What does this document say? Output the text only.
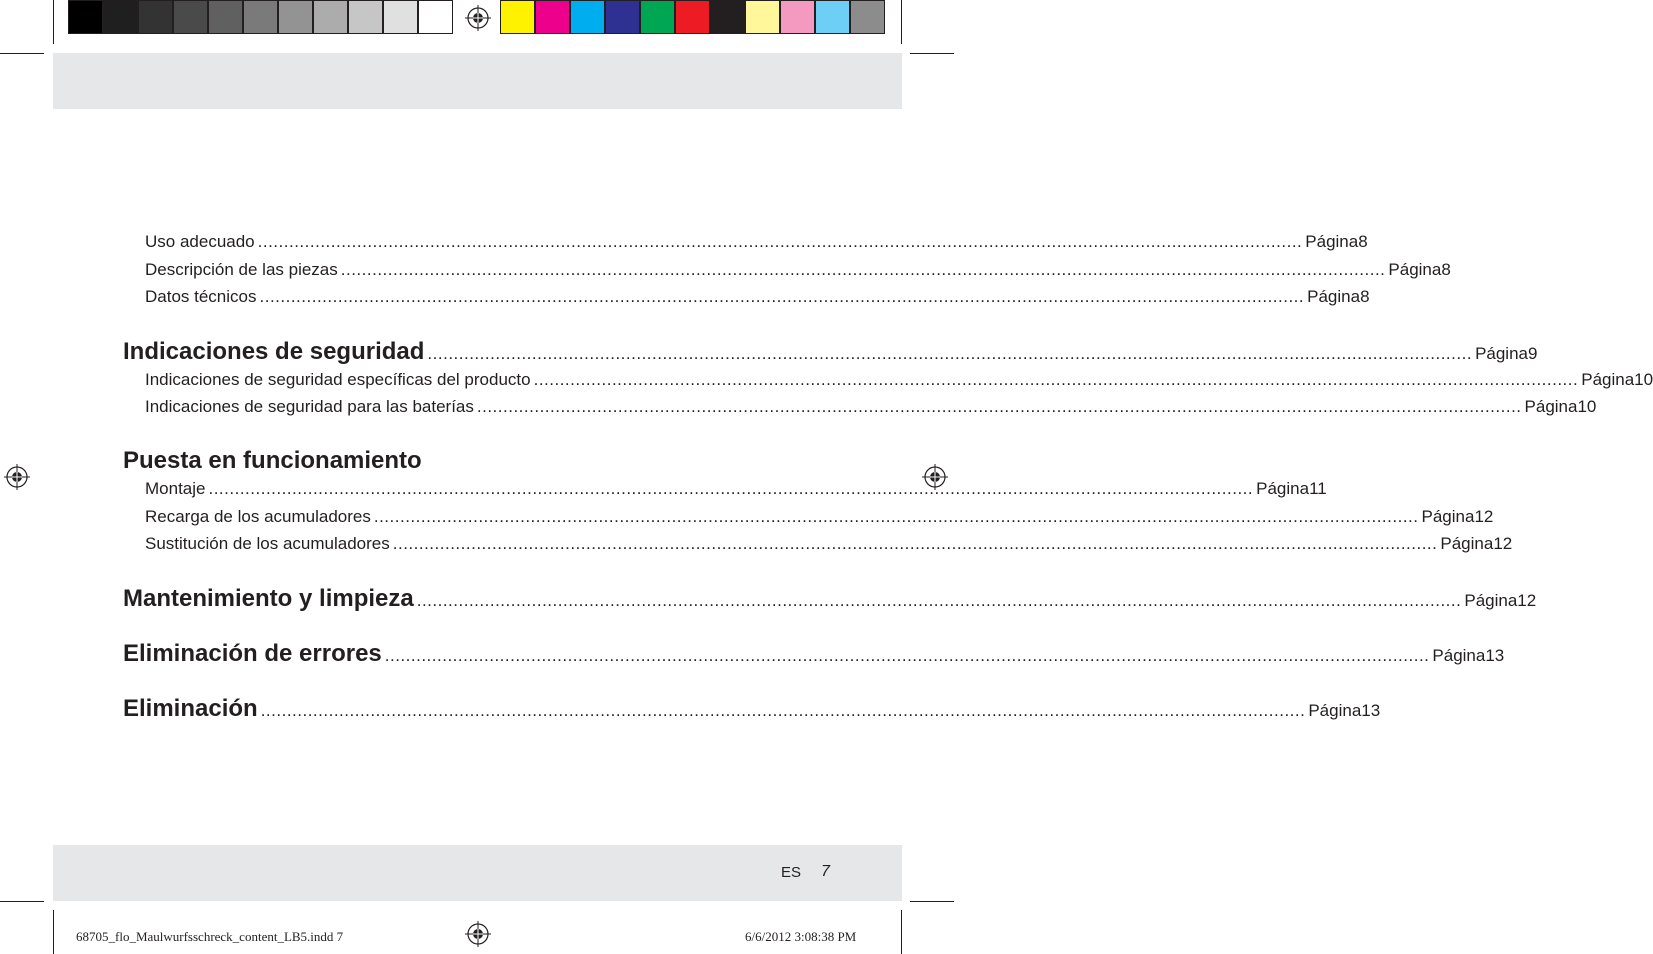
Uso adecuado ........................................................................................................................................................................................................ Página 8
Descripción de las piezas ........................................................................................................................................................................................................ Página 8
Datos técnicos ........................................................................................................................................................................................................ Página 8
Indicaciones de seguridad ........................................................................................................................................................................................................ Página 9
Indicaciones de seguridad específicas del producto ........................................................................................................................................................................................................ Página 10
Indicaciones de seguridad para las baterías ........................................................................................................................................................................................................ Página 10
Puesta en funcionamiento
Montaje ........................................................................................................................................................................................................ Página 11
Recarga de los acumuladores ........................................................................................................................................................................................................ Página 12
Sustitución de los acumuladores ........................................................................................................................................................................................................ Página 12
Mantenimiento y limpieza ........................................................................................................................................................................................................ Página 12
Eliminación de errores ........................................................................................................................................................................................................ Página 13
Eliminación ........................................................................................................................................................................................................ Página 13
ES 7
68705_flo_Maulwurfsschreck_content_LB5.indd 7	6/6/2012 3:08:38 PM
